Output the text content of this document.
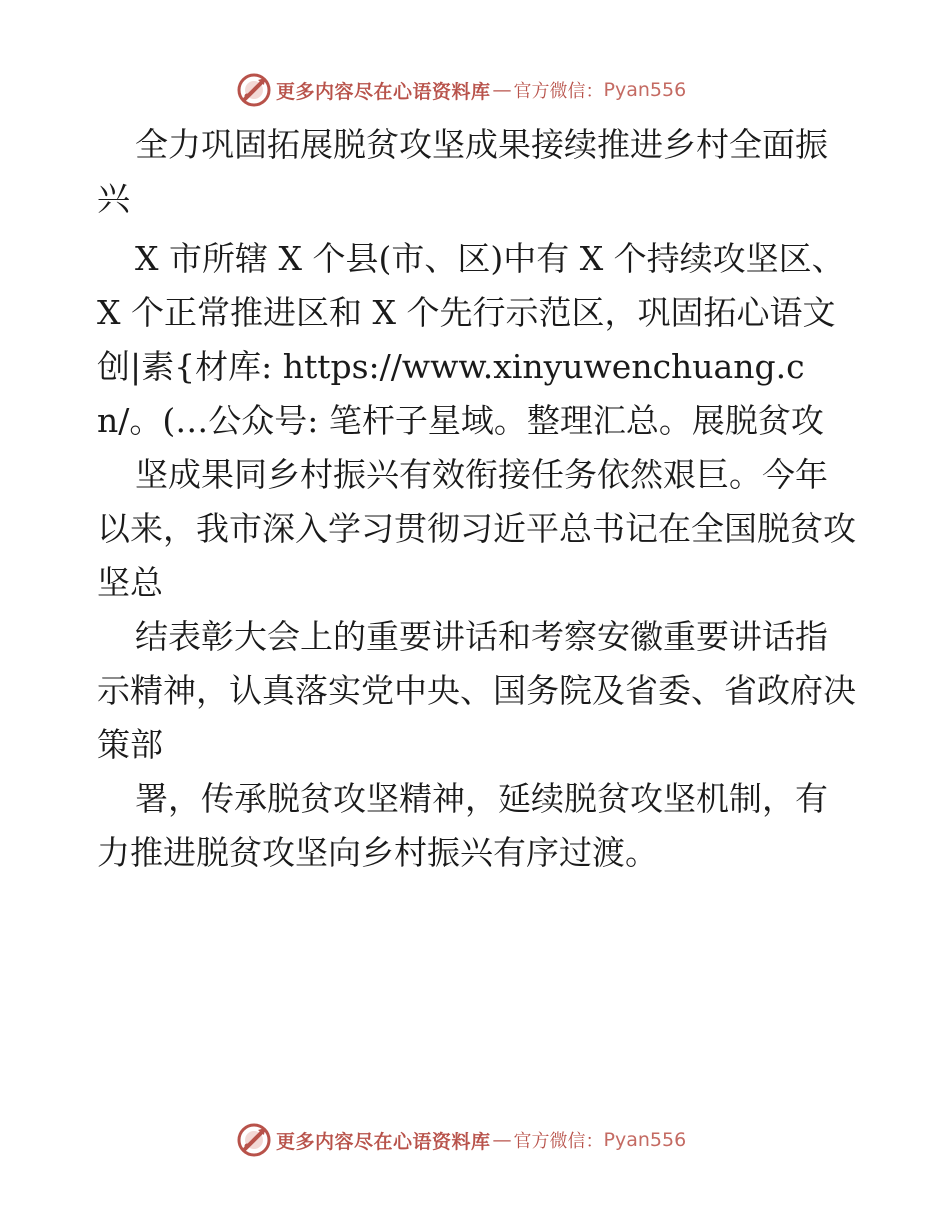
更多内容尽在心语资料库 — 官方微信： Pyan556

全力巩固拓展脱贫攻坚成果接续推进乡村全面振兴

X 市所辖 X 个县(市、区)中有 X 个持续攻坚区、X 个正常推进区和 X 个先行示范区，巩固拓心语文创|素{材库: https://www.xinyuwenchuang.cn/。(…公众号: 笔杆子星域。整理汇总。展脱贫攻

坚成果同乡村振兴有效衔接任务依然艰巨。今年以来，我市深入学习贯彻习近平总书记在全国脱贫攻坚总

结表彰大会上的重要讲话和考察安徽重要讲话指示精神，认真落实党中央、国务院及省委、省政府决策部

署，传承脱贫攻坚精神，延续脱贫攻坚机制，有力推进脱贫攻坚向乡村振兴有序过渡。

更多内容尽在心语资料库 — 官方微信： Pyan556
